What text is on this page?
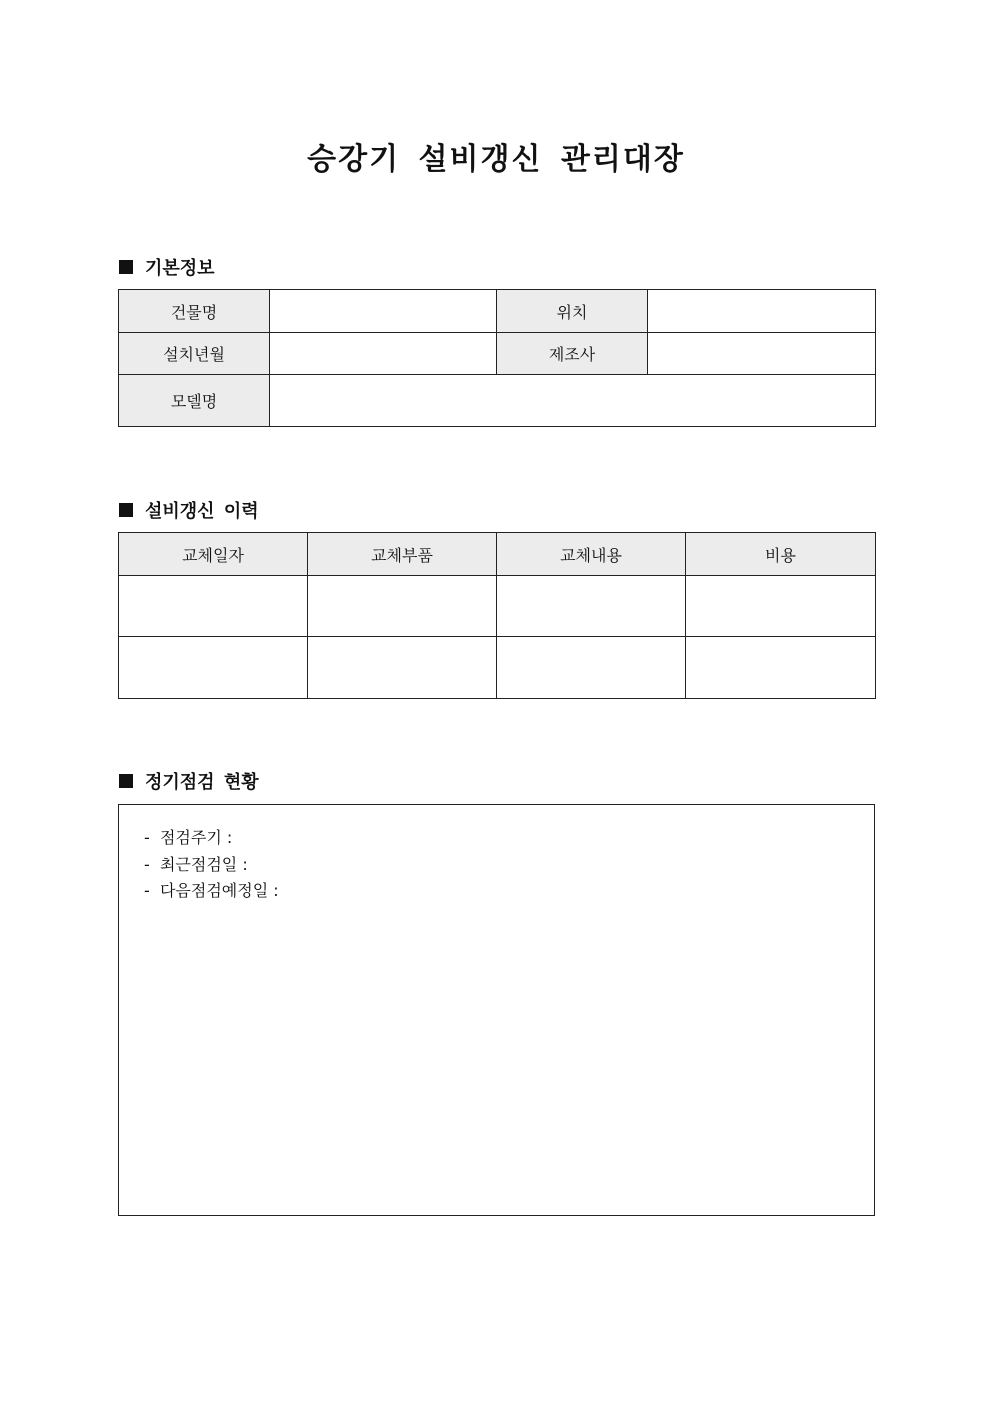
승강기 설비갱신 관리대장
기본정보
건물명		위치	
설치년월		제조사	
모델명			
설비갱신 이력
교체일자	교체부품	교체내용	비용

정기점검 현황
-  점검주기 :
-  최근점검일 :
-  다음점검예정일 :
